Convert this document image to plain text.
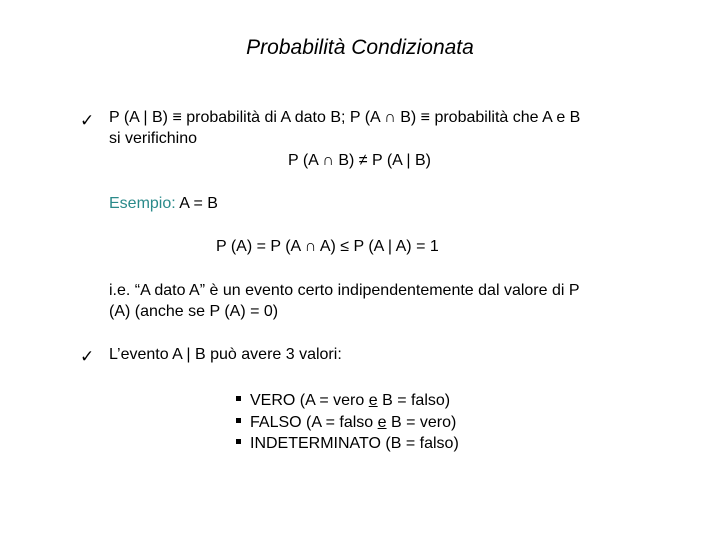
Probabilità Condizionata
✓ P (A | B) ≡ probabilità di A dato B; P (A ∩ B) ≡ probabilità che A e B
si verifichino
P (A ∩ B) ≠ P (A | B)
Esempio: A = B
P (A) = P (A ∩ A) ≤ P (A | A) = 1
i.e. “A dato A” è un evento certo indipendentemente dal valore di P
(A) (anche se P (A) = 0)
✓ L’evento A | B può avere 3 valori:
VERO (A = vero e B = falso)
FALSO (A = falso e B = vero)
INDETERMINATO (B = falso)
